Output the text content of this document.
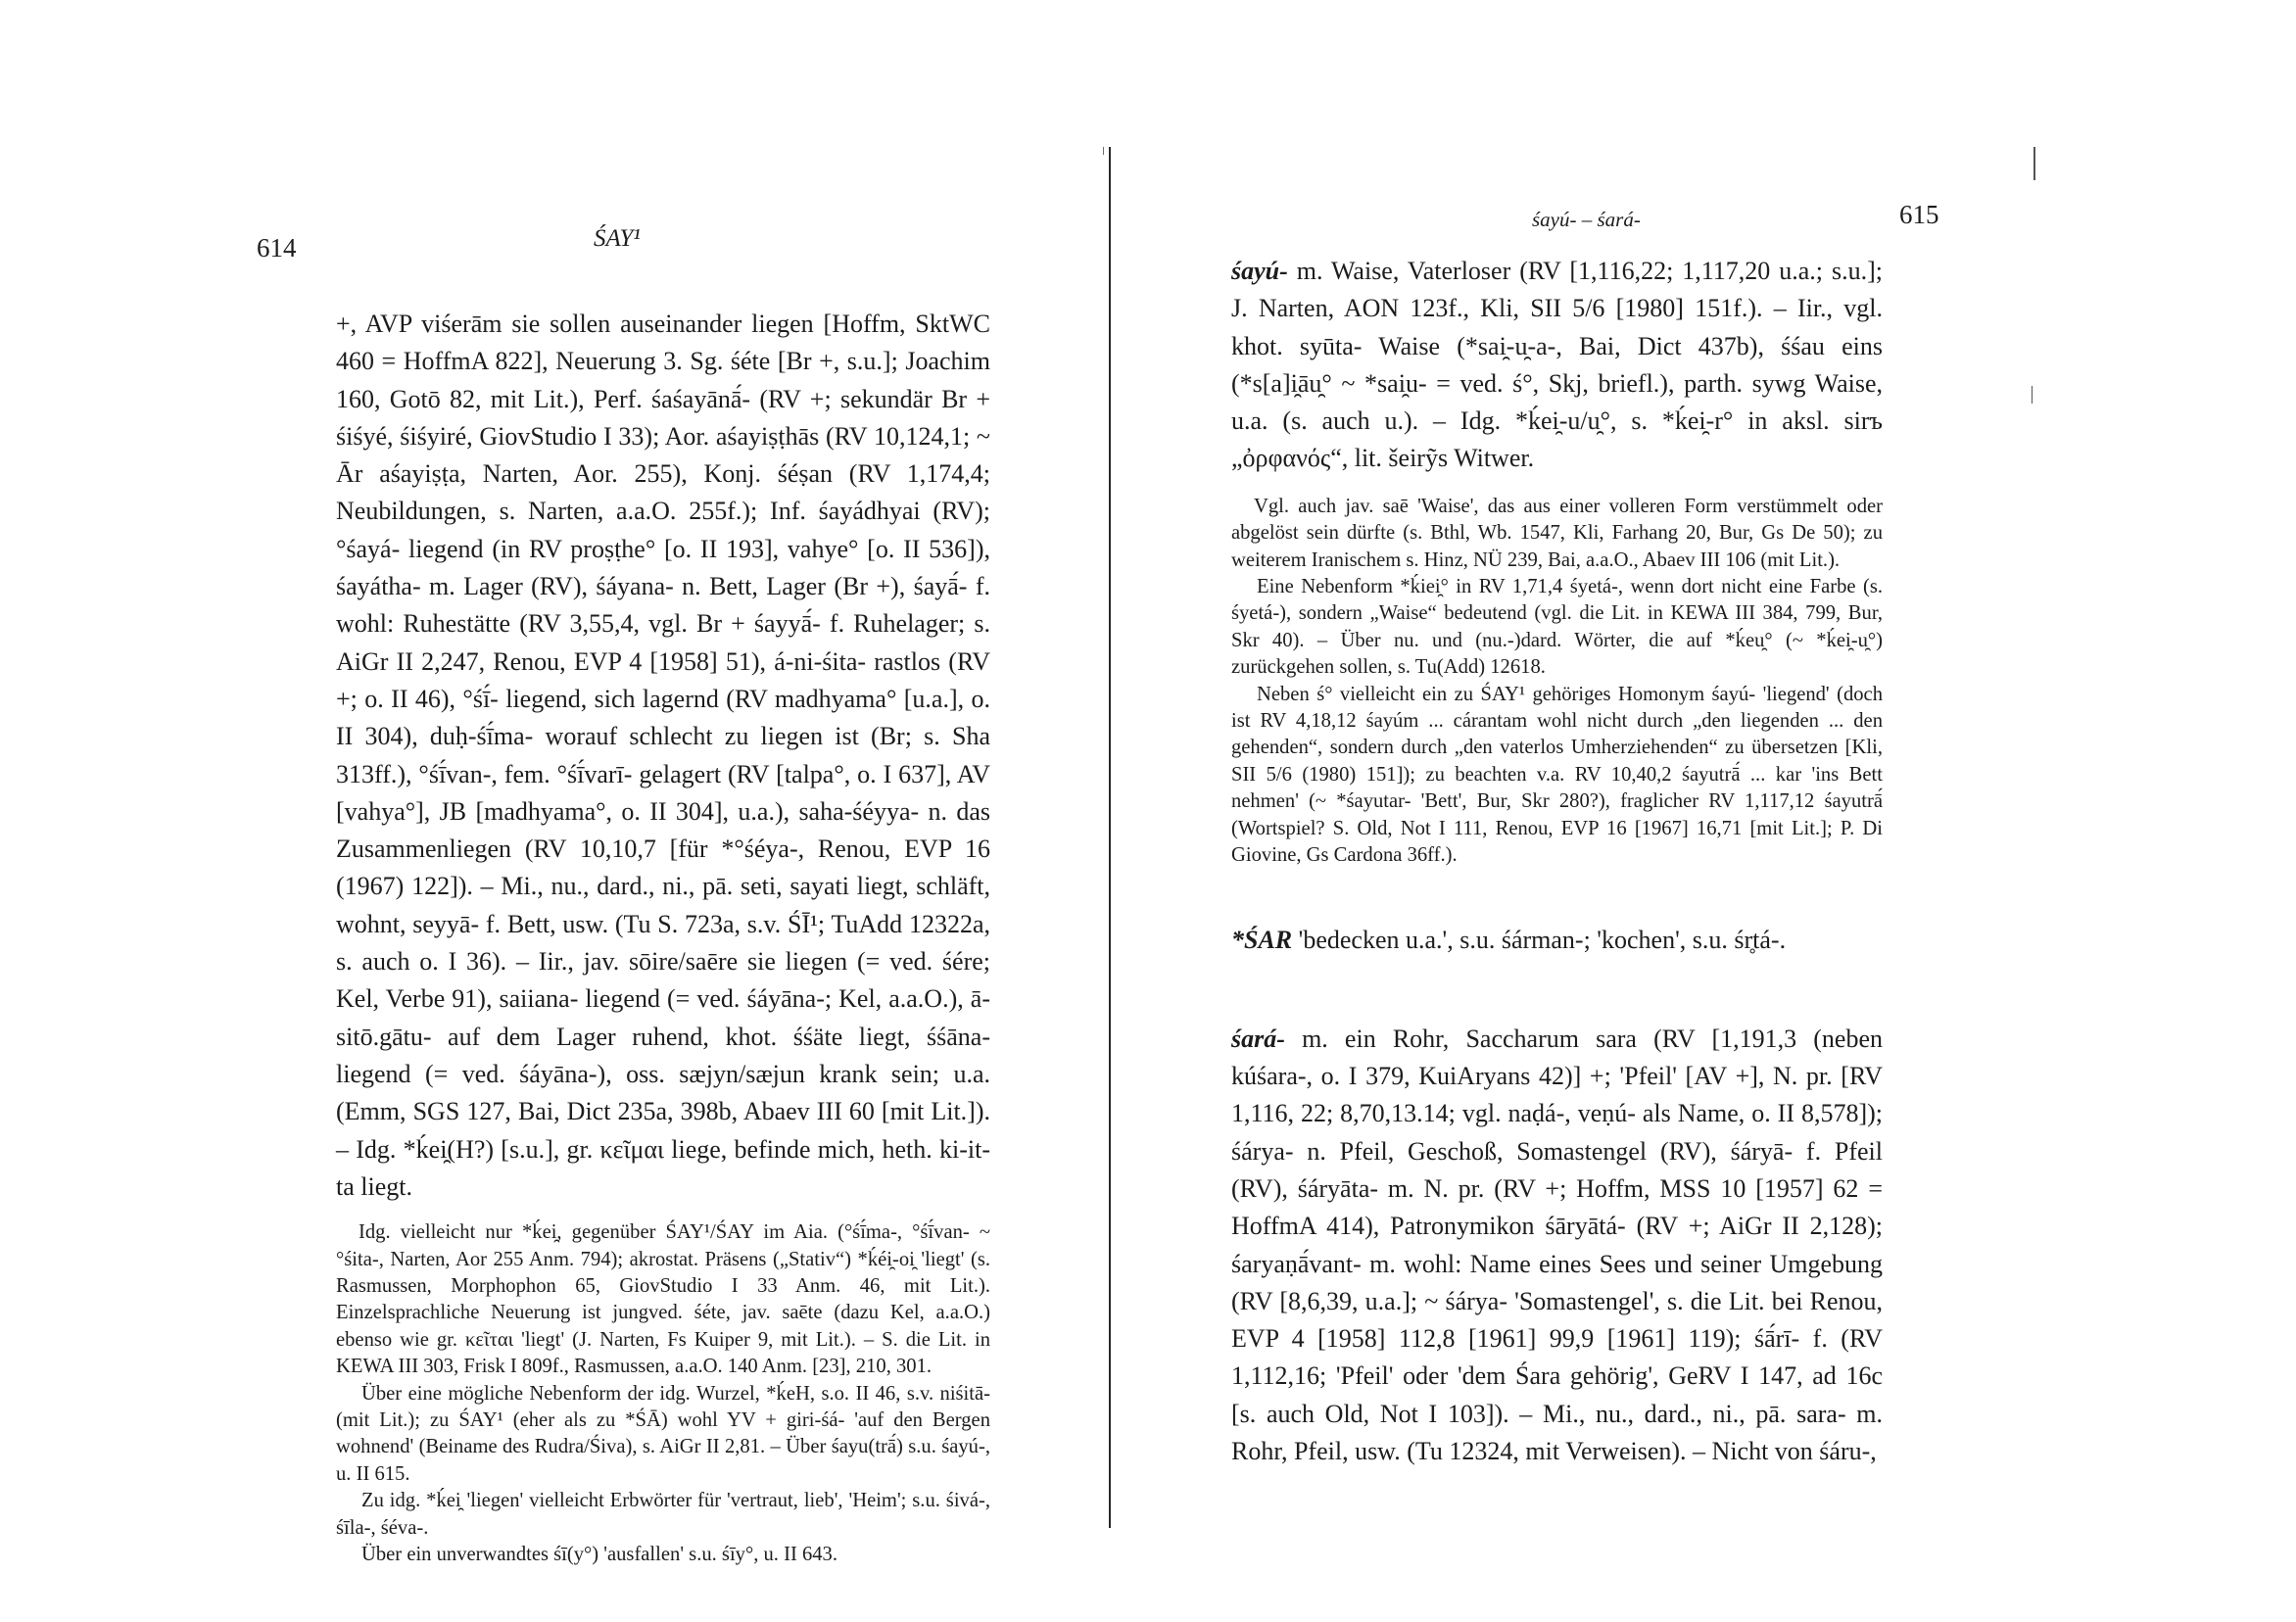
614	ŚAY¹

+, AVP viśerām sie sollen auseinander liegen [Hoffm, SktWC 460 = HoffmA 822], Neuerung 3. Sg. śéte [Br +, s.u.]; Joachim 160, Gotō 82, mit Lit.), Perf. śaśayānā́- (RV +; sekundär Br + śiśyé, śiśyiré, GiovStudio I 33); Aor. aśayiṣṭhās (RV 10,124,1; ~ Ār aśayiṣṭa, Narten, Aor. 255), Konj. śéṣan (RV 1,174,4; Neubildungen, s. Narten, a.a.O. 255f.); Inf. śayádhyai (RV); °śayá- liegend (in RV proṣṭhe° [o. II 193], vahye° [o. II 536]), śayátha- m. Lager (RV), śáyana- n. Bett, Lager (Br +), śayā́- f. wohl: Ruhestätte (RV 3,55,4, vgl. Br + śayyā́- f. Ruhelager; s. AiGr II 2,247, Renou, EVP 4 [1958] 51), á-ni-śita- rastlos (RV +; o. II 46), °śī́- liegend, sich lagernd (RV madhyama° [u.a.], o. II 304), duḥ-śī́ma- worauf schlecht zu liegen ist (Br; s. Sha 313ff.), °śī́van-, fem. °śī́varī- gelagert (RV [talpa°, o. I 637], AV [vahya°], JB [madhyama°, o. II 304], u.a.), saha-śéyya- n. das Zusammenliegen (RV 10,10,7 [für *°śéya-, Renou, EVP 16 (1967) 122]). – Mi., nu., dard., ni., pā. seti, sayati liegt, schläft, wohnt, seyyā- f. Bett, usw. (Tu S. 723a, s.v. ŚĪ¹; TuAdd 12322a, s. auch o. I 36). – Iir., jav. sōire/saēre sie liegen (= ved. śére; Kel, Verbe 91), saiiana- liegend (= ved. śáyāna-; Kel, a.a.O.), ā-sitō.gātu- auf dem Lager ruhend, khot. śśäte liegt, śśāna- liegend (= ved. śáyāna-), oss. sæjyn/sæjun krank sein; u.a. (Emm, SGS 127, Bai, Dict 235a, 398b, Abaev III 60 [mit Lit.]). – Idg. *ḱei̯(H?) [s.u.], gr. κεῖμαι liege, befinde mich, heth. ki-it-ta liegt.

Idg. vielleicht nur *ḱei̯, gegenüber ŚAY¹/ŚAY im Aia. (°śī́ma-, °śī́van- ~ °śita-, Narten, Aor 255 Anm. 794); akrostat. Präsens („Stativ“) *ḱéi̯-oi̯ 'liegt' (s. Rasmussen, Morphophon 65, GiovStudio I 33 Anm. 46, mit Lit.). Einzelsprachliche Neuerung ist jungved. śéte, jav. saēte (dazu Kel, a.a.O.) ebenso wie gr. κεῖται 'liegt' (J. Narten, Fs Kuiper 9, mit Lit.). – S. die Lit. in KEWA III 303, Frisk I 809f., Rasmussen, a.a.O. 140 Anm. [23], 210, 301.

Über eine mögliche Nebenform der idg. Wurzel, *ḱeH, s.o. II 46, s.v. niśitā- (mit Lit.); zu ŚAY¹ (eher als zu *ŚĀ) wohl YV + giri-śá- 'auf den Bergen wohnend' (Beiname des Rudra/Śiva), s. AiGr II 2,81. – Über śayu(trā́) s.u. śayú-, u. II 615.

Zu idg. *ḱei̯ 'liegen' vielleicht Erbwörter für 'vertraut, lieb', 'Heim'; s.u. śivá-, śīla-, śéva-.

Über ein unverwandtes śī(y°) 'ausfallen' s.u. śīy°, u. II 643.

śayú- – śará-	615

śayú- m. Waise, Vaterloser (RV [1,116,22; 1,117,20 u.a.; s.u.]; J. Narten, AON 123f., Kli, SII 5/6 [1980] 151f.). – Iir., vgl. khot. syūta- Waise (*sai̯-u̯-a-, Bai, Dict 437b), śśau eins (*s[a]i̯āu̯° ~ *sai̯u- = ved. ś°, Skj, briefl.), parth. sywg Waise, u.a. (s. auch u.). – Idg. *ḱei̯-u/u̯°, s. *ḱei̯-r° in aksl. sirъ „ὀρφανός“, lit. šeirỹs Witwer.

Vgl. auch jav. saē 'Waise', das aus einer volleren Form verstümmelt oder abgelöst sein dürfte (s. Bthl, Wb. 1547, Kli, Farhang 20, Bur, Gs De 50); zu weiterem Iranischem s. Hinz, NÜ 239, Bai, a.a.O., Abaev III 106 (mit Lit.).

Eine Nebenform *ḱiei̯° in RV 1,71,4 śyetá-, wenn dort nicht eine Farbe (s. śyetá-), sondern „Waise“ bedeutend (vgl. die Lit. in KEWA III 384, 799, Bur, Skr 40). – Über nu. und (nu.-)dard. Wörter, die auf *ḱeu̯° (~ *ḱei̯-u̯°) zurückgehen sollen, s. Tu(Add) 12618.

Neben ś° vielleicht ein zu ŚAY¹ gehöriges Homonym śayú- 'liegend' (doch ist RV 4,18,12 śayúm ... cárantam wohl nicht durch „den liegenden ... den gehenden“, sondern durch „den vaterlos Umherziehenden“ zu übersetzen [Kli, SII 5/6 (1980) 151]); zu beachten v.a. RV 10,40,2 śayutrā́ ... kar 'ins Bett nehmen' (~ *śayutar- 'Bett', Bur, Skr 280?), fraglicher RV 1,117,12 śayutrā́ (Wortspiel? S. Old, Not I 111, Renou, EVP 16 [1967] 16,71 [mit Lit.]; P. Di Giovine, Gs Cardona 36ff.).

*ŚAR 'bedecken u.a.', s.u. śárman-; 'kochen', s.u. śr̥tá-.

śará- m. ein Rohr, Saccharum sara (RV [1,191,3 (neben kúśara-, o. I 379, KuiAryans 42)] +; 'Pfeil' [AV +], N. pr. [RV 1,116, 22; 8,70,13.14; vgl. naḍá-, veṇú- als Name, o. II 8,578]); śárya- n. Pfeil, Geschoß, Somastengel (RV), śáryā- f. Pfeil (RV), śáryāta- m. N. pr. (RV +; Hoffm, MSS 10 [1957] 62 = HoffmA 414), Patronymikon śāryātá- (RV +; AiGr II 2,128); śaryaṇā́vant- m. wohl: Name eines Sees und seiner Umgebung (RV [8,6,39, u.a.]; ~ śárya- 'Somastengel', s. die Lit. bei Renou, EVP 4 [1958] 112,8 [1961] 99,9 [1961] 119); śā́rī- f. (RV 1,112,16; 'Pfeil' oder 'dem Śara gehörig', GeRV I 147, ad 16c [s. auch Old, Not I 103]). – Mi., nu., dard., ni., pā. sara- m. Rohr, Pfeil, usw. (Tu 12324, mit Verweisen). – Nicht von śáru-,
